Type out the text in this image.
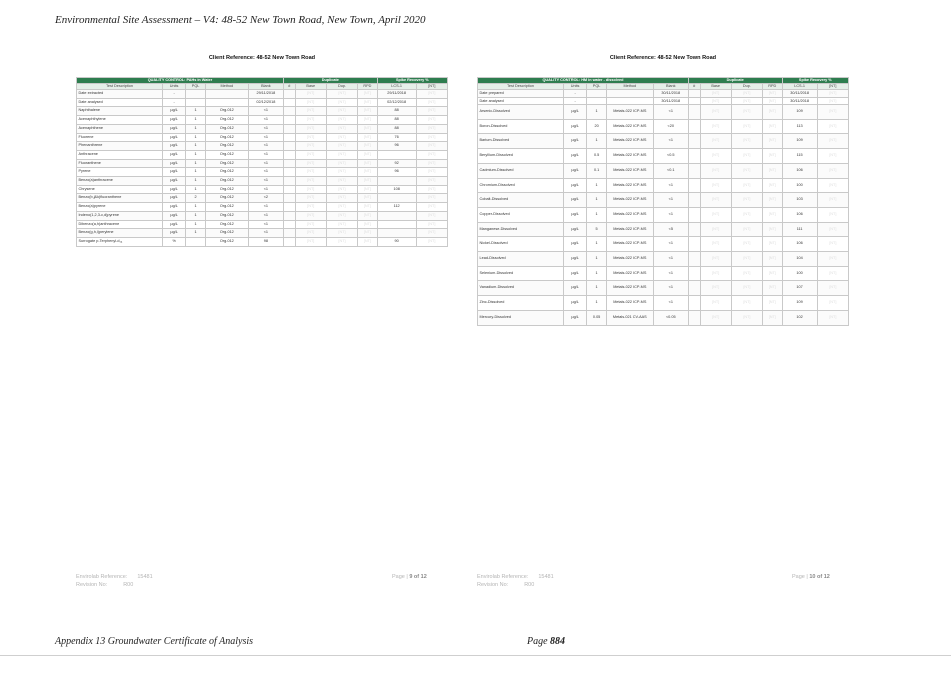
Environmental Site Assessment – V4: 48-52 New Town Road, New Town, April 2020
Client Reference: 48-52 New Town Road
QUALITY CONTROL: PAHs in Water					Duplicate				Spike Recovery %	
Test Description	Units	PQL	Method	Blank	#	Base	Dup.	RPD	LCS-1	[NT]
Date extracted	-			29/11/2018		[NT]	[NT]	[NT]	29/11/2018	[NT]
Date analysed	-			02/12/2018		[NT]	[NT]	[NT]	02/12/2018	[NT]
Naphthalene	µg/L	1	Org-012	<1		[NT]	[NT]	[NT]	88	[NT]
Acenaphthylene	µg/L	1	Org-012	<1		[NT]	[NT]	[NT]	88	[NT]
Acenaphthene	µg/L	1	Org-012	<1		[NT]	[NT]	[NT]	88	[NT]
Fluorene	µg/L	1	Org-012	<1		[NT]	[NT]	[NT]	76	[NT]
Phenanthrene	µg/L	1	Org-012	<1		[NT]	[NT]	[NT]	96	[NT]
Anthracene	µg/L	1	Org-012	<1		[NT]	[NT]	[NT]		[NT]
Fluoranthene	µg/L	1	Org-012	<1		[NT]	[NT]	[NT]	92	[NT]
Pyrene	µg/L	1	Org-012	<1		[NT]	[NT]	[NT]	96	[NT]
Benzo(a)anthracene	µg/L	1	Org-012	<1		[NT]	[NT]	[NT]		[NT]
Chrysene	µg/L	1	Org-012	<1		[NT]	[NT]	[NT]	108	[NT]
Benzo(b,j&k)fluoranthene	µg/L	2	Org-012	<2		[NT]	[NT]	[NT]		[NT]
Benzo(a)pyrene	µg/L	1	Org-012	<1		[NT]	[NT]	[NT]	112	[NT]
Indeno(1,2,3-c,d)pyrene	µg/L	1	Org-012	<1		[NT]	[NT]	[NT]		[NT]
Dibenzo(a,h)anthracene	µg/L	1	Org-012	<1		[NT]	[NT]	[NT]		[NT]
Benzo(g,h,i)perylene	µg/L	1	Org-012	<1		[NT]	[NT]	[NT]		[NT]
Surrogate p-Terphenyl-d₁₄	%		Org-012	98		[NT]	[NT]	[NT]	90	[NT]
Client Reference: 48-52 New Town Road
QUALITY CONTROL: HM in water - dissolved					Duplicate				Spike Recovery %	
Test Description	Units	PQL	Method	Blank	#	Base	Dup.	RPD	LCS-1	[NT]
Date prepared	-			30/11/2018		[NT]	[NT]	[NT]	30/11/2018	[NT]
Date analysed	-			30/11/2018		[NT]	[NT]	[NT]	30/11/2018	[NT]
Arsenic-Dissolved	µg/L	1	Metals-022 ICP-MS	<1		[NT]	[NT]	[NT]	109	[NT]
Boron-Dissolved	µg/L	20	Metals-022 ICP-MS	<20		[NT]	[NT]	[NT]	113	[NT]
Barium-Dissolved	µg/L	1	Metals-022 ICP-MS	<1		[NT]	[NT]	[NT]	109	[NT]
Beryllium-Dissolved	µg/L	0.5	Metals-022 ICP-MS	<0.5		[NT]	[NT]	[NT]	115	[NT]
Cadmium-Dissolved	µg/L	0.1	Metals-022 ICP-MS	<0.1		[NT]	[NT]	[NT]	106	[NT]
Chromium-Dissolved	µg/L	1	Metals-022 ICP-MS	<1		[NT]	[NT]	[NT]	100	[NT]
Cobalt-Dissolved	µg/L	1	Metals-022 ICP-MS	<1		[NT]	[NT]	[NT]	103	[NT]
Copper-Dissolved	µg/L	1	Metals-022 ICP-MS	<1		[NT]	[NT]	[NT]	106	[NT]
Manganese-Dissolved	µg/L	5	Metals-022 ICP-MS	<5		[NT]	[NT]	[NT]	111	[NT]
Nickel-Dissolved	µg/L	1	Metals-022 ICP-MS	<1		[NT]	[NT]	[NT]	106	[NT]
Lead-Dissolved	µg/L	1	Metals-022 ICP-MS	<1		[NT]	[NT]	[NT]	104	[NT]
Selenium-Dissolved	µg/L	1	Metals-022 ICP-MS	<1		[NT]	[NT]	[NT]	100	[NT]
Vanadium-Dissolved	µg/L	1	Metals-022 ICP-MS	<1		[NT]	[NT]	[NT]	107	[NT]
Zinc-Dissolved	µg/L	1	Metals-022 ICP-MS	<1		[NT]	[NT]	[NT]	109	[NT]
Mercury-Dissolved	µg/L	0.05	Metals-021 CV-AAS	<0.05		[NT]	[NT]	[NT]	102	[NT]
Envirolab Reference: 15481
Revision No:	R00
Page | 9 of 12	Envirolab Reference: 15481
Revision No:	R00
Page | 10 of 12
Appendix 13 Groundwater Certificate of Analysis	Page 884
